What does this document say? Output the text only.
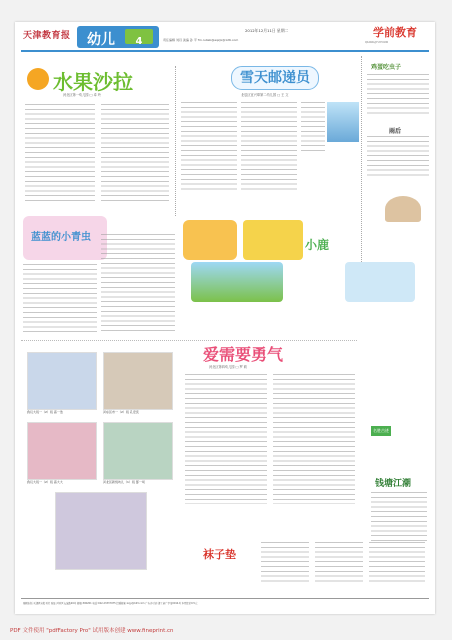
天津教育报 幼儿	4
2012年12月11日 星期二
责任编辑 刘丹 美编 孙 平 fm.rulleb@aqzjx@126.com
学前教育
QIANGJYUYOUR
水果沙拉
河北区第一幼儿园 □ 卓 玲
雪天邮递员
北辰区宜兴埠第二幼儿园 □ 王 文
鸡蛋吃虫子
雨后
蓝蓝的小青虫
小鹿
爱需要勇气
河北区第四幼儿园 □ 罗 莉
我们大班一（2）班 高一浩	河东区市一（2）班 孔宏奕
我们大班一（2）班 高大大	河北区新悦幼儿（1）班 邸一坷
名胜古迹
钱塘江潮
袜子垫
编辑出版:天津教育报刊社 地址:河西区友谊路26号 邮编:300201 电话:022-23337975 投稿邮箱:xxjy@163.com 广告许可证:津工商广字第0014号 本期定价0.5元
PDF 文件使用 "pdfFactory Pro" 试用版本创建 www.fineprint.cn
